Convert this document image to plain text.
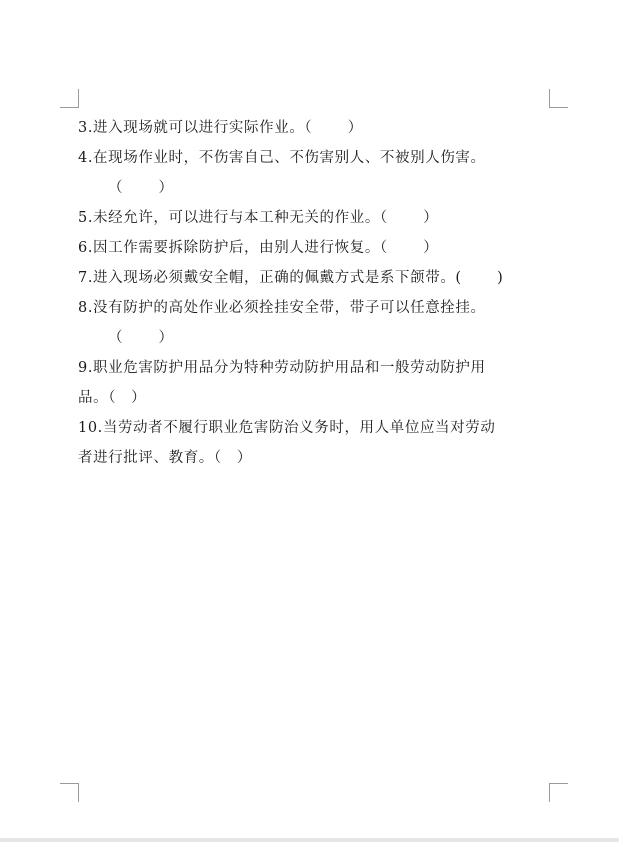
3.进入现场就可以进行实际作业。（　　 ）
4.在现场作业时，不伤害自己、不伤害别人、不被别人伤害。
（　　 ）
5.未经允许，可以进行与本工种无关的作业。（　　 ）
6.因工作需要拆除防护后，由别人进行恢复。（　　 ）
7.进入现场必须戴安全帽，正确的佩戴方式是系下颌带。(　　 )
8.没有防护的高处作业必须拴挂安全带，带子可以任意拴挂。
（　　 ）
9.职业危害防护用品分为特种劳动防护用品和一般劳动防护用
品。（　）
10.当劳动者不履行职业危害防治义务时，用人单位应当对劳动
者进行批评、教育。（　）
